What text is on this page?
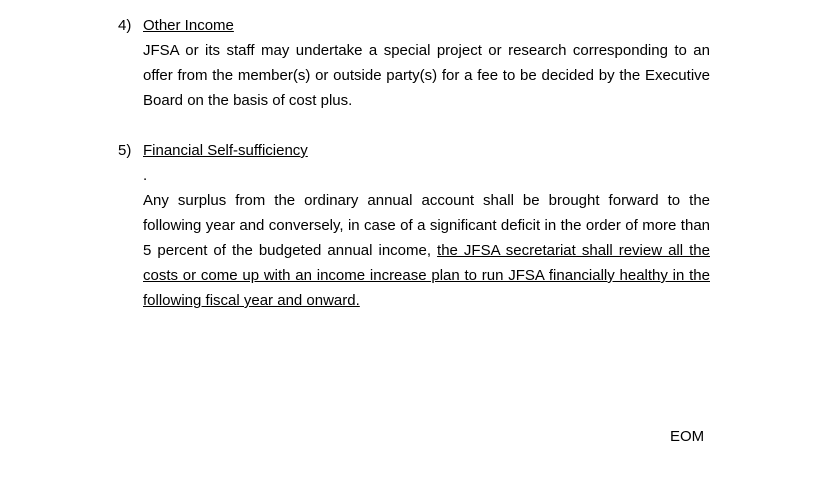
4) Other Income
JFSA or its staff may undertake a special project or research corresponding to an offer from the member(s) or outside party(s) for a fee to be decided by the Executive Board on the basis of cost plus.
5) Financial Self-sufficiency
.
Any surplus from the ordinary annual account shall be brought forward to the following year and conversely, in case of a significant deficit in the order of more than 5 percent of the budgeted annual income, the JFSA secretariat shall review all the costs or come up with an income increase plan to run JFSA financially healthy in the following fiscal year and onward.
EOM
